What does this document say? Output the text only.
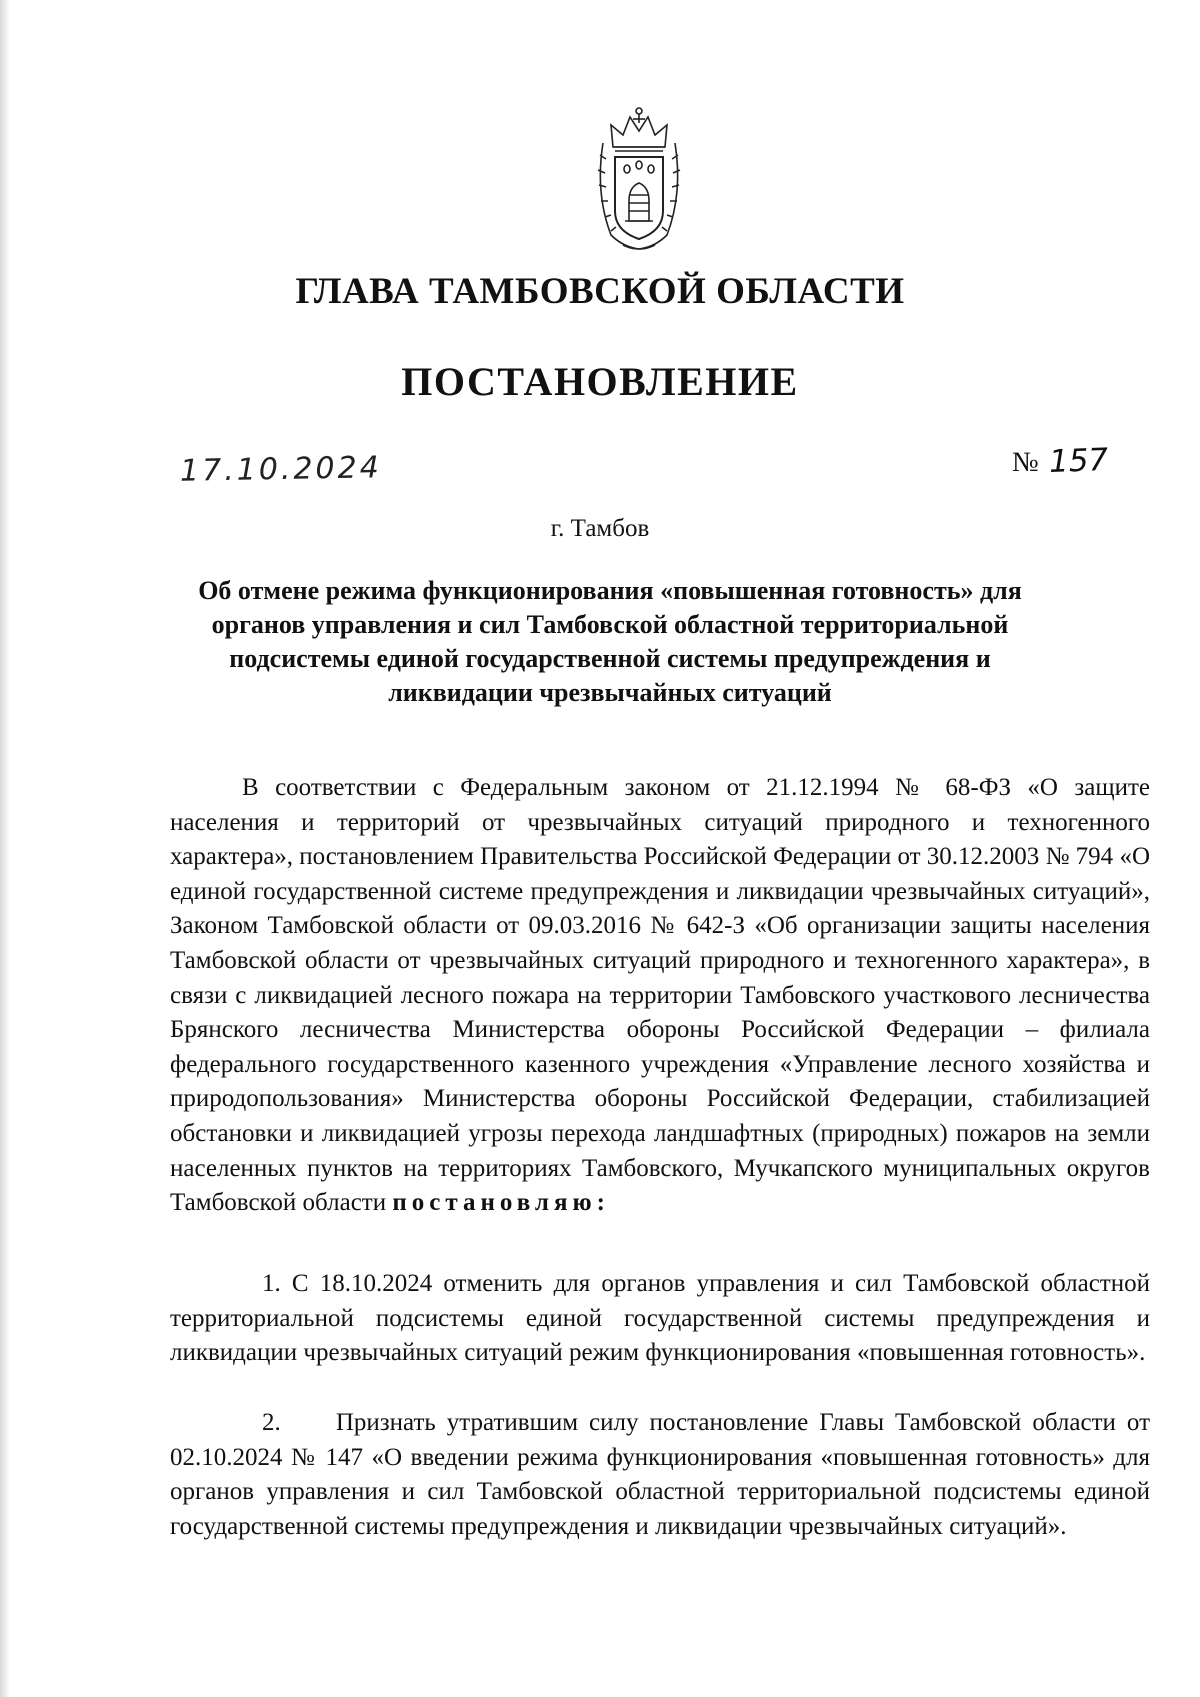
ГЛАВА ТАМБОВСКОЙ ОБЛАСТИ
ПОСТАНОВЛЕНИЕ
17.10.2024	№ 157
г. Тамбов
Об отмене режима функционирования «повышенная готовность» для органов управления и сил Тамбовской областной территориальной подсистемы единой государственной системы предупреждения и ликвидации чрезвычайных ситуаций
В соответствии с Федеральным законом от 21.12.1994 № 68-ФЗ «О защите населения и территорий от чрезвычайных ситуаций природного и техногенного характера», постановлением Правительства Российской Федерации от 30.12.2003 № 794 «О единой государственной системе предупреждения и ликвидации чрезвычайных ситуаций», Законом Тамбовской области от 09.03.2016 № 642-З «Об организации защиты населения Тамбовской области от чрезвычайных ситуаций природного и техногенного характера», в связи с ликвидацией лесного пожара на территории Тамбовского участкового лесничества Брянского лесничества Министерства обороны Российской Федерации – филиала федерального государственного казенного учреждения «Управление лесного хозяйства и природопользования» Министерства обороны Российской Федерации, стабилизацией обстановки и ликвидацией угрозы перехода ландшафтных (природных) пожаров на земли населенных пунктов на территориях Тамбовского, Мучкапского муниципальных округов Тамбовской области постановляю:
1. С 18.10.2024 отменить для органов управления и сил Тамбовской областной территориальной подсистемы единой государственной системы предупреждения и ликвидации чрезвычайных ситуаций режим функционирования «повышенная готовность».
2. Признать утратившим силу постановление Главы Тамбовской области от 02.10.2024 № 147 «О введении режима функционирования «повышенная готовность» для органов управления и сил Тамбовской областной территориальной подсистемы единой государственной системы предупреждения и ликвидации чрезвычайных ситуаций».
